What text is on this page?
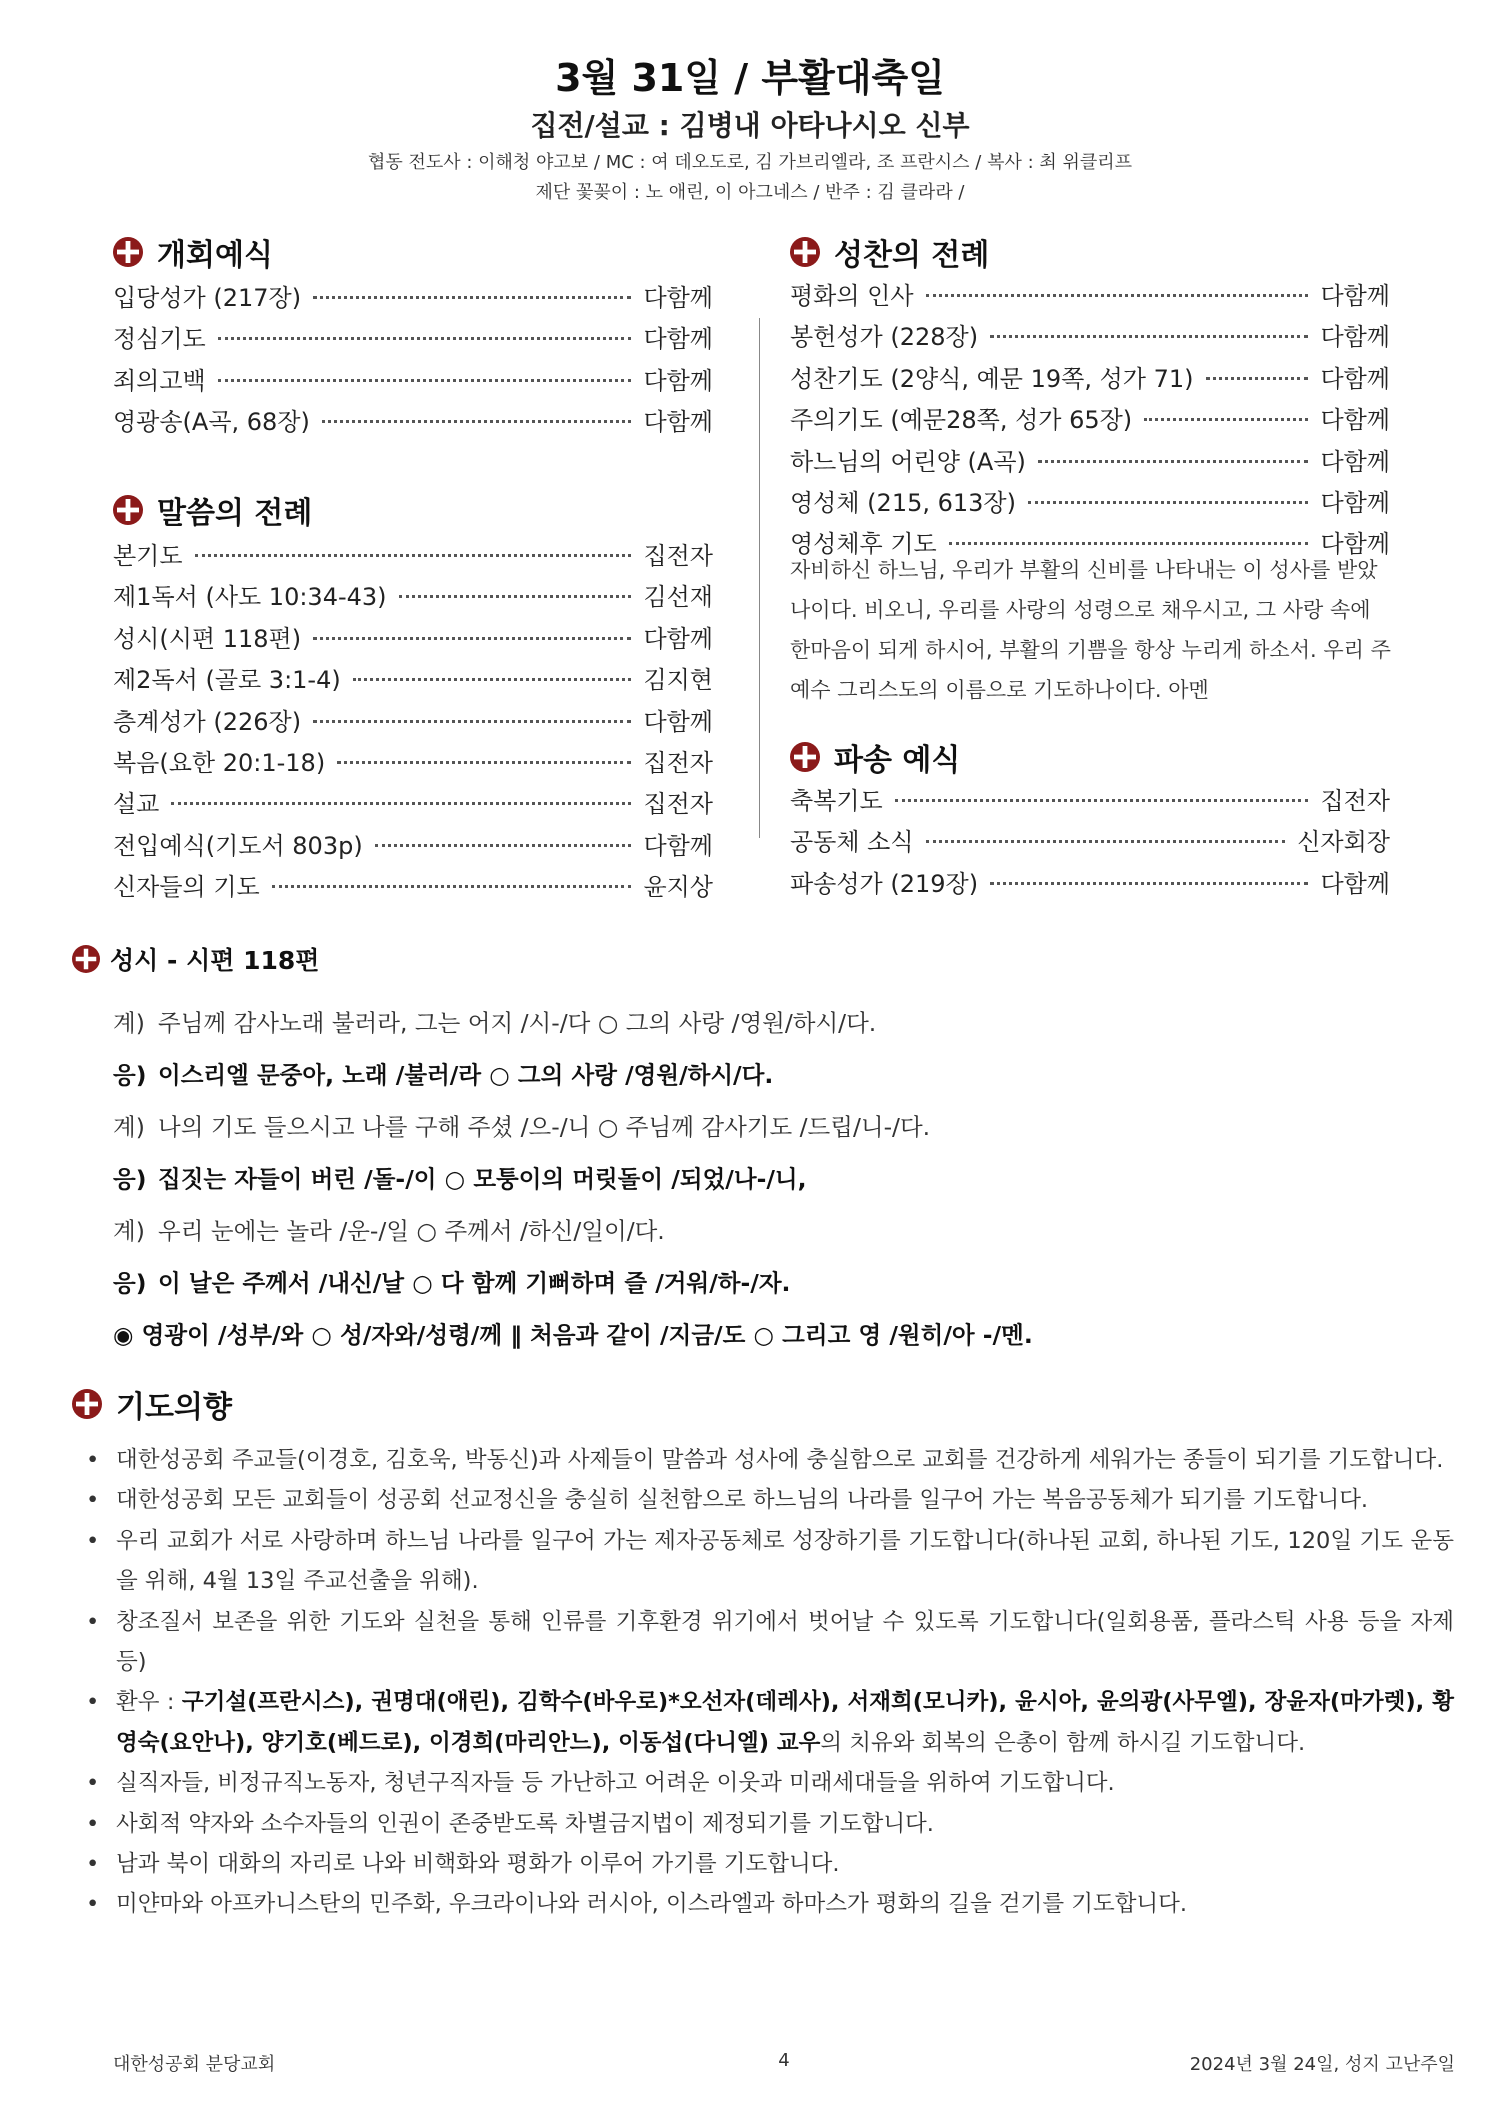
3월 31일 / 부활대축일
집전/설교 : 김병내 아타나시오 신부
협동 전도사 : 이해청 야고보 / MC : 여 데오도로, 김 가브리엘라, 조 프란시스 / 복사 : 최 위클리프
제단 꽃꽂이 : 노 애린, 이 아그네스 / 반주 : 김 클라라 /
개회예식
입당성가 (217장)	다함께
정심기도	다함께
죄의고백	다함께
영광송(A곡, 68장)	다함께
말씀의 전례
본기도	집전자
제1독서 (사도 10:34-43)	김선재
성시(시편 118편)	다함께
제2독서 (골로 3:1-4)	김지현
층계성가 (226장)	다함께
복음(요한 20:1-18)	집전자
설교	집전자
전입예식(기도서 803p)	다함께
신자들의 기도	윤지상
성찬의 전례
평화의 인사	다함께
봉헌성가 (228장)	다함께
성찬기도 (2양식, 예문 19쪽, 성가 71)	다함께
주의기도 (예문28쪽, 성가 65장)	다함께
하느님의 어린양 (A곡)	다함께
영성체 (215, 613장)	다함께
영성체후 기도	다함께
자비하신 하느님, 우리가 부활의 신비를 나타내는 이 성사를 받았
나이다. 비오니, 우리를 사랑의 성령으로 채우시고, 그 사랑 속에
한마음이 되게 하시어, 부활의 기쁨을 항상 누리게 하소서. 우리 주
예수 그리스도의 이름으로 기도하나이다. 아멘
파송 예식
축복기도	집전자
공동체 소식	신자회장
파송성가 (219장)	다함께
성시 - 시편 118편
계) 주님께 감사노래 불러라, 그는 어지 /시-/다 ○ 그의 사랑 /영원/하시/다.
응) 이스리엘 문중아, 노래 /불러/라 ○ 그의 사랑 /영원/하시/다.
계) 나의 기도 들으시고 나를 구해 주셨 /으-/니 ○ 주님께 감사기도 /드립/니-/다.
응) 집짓는 자들이 버린 /돌-/이 ○ 모퉁이의 머릿돌이 /되었/나-/니,
계) 우리 눈에는 놀라 /운-/일 ○ 주께서 /하신/일이/다.
응) 이 날은 주께서 /내신/날 ○ 다 함께 기뻐하며 즐 /거워/하-/자.
◉ 영광이 /성부/와 ○ 성/자와/성령/께 ‖ 처음과 같이 /지금/도 ○ 그리고 영 /원히/아 -/멘.
기도의향
• 대한성공회 주교들(이경호, 김호욱, 박동신)과 사제들이 말씀과 성사에 충실함으로 교회를 건강하게 세워가는 종들이 되기를 기도합니다.
• 대한성공회 모든 교회들이 성공회 선교정신을 충실히 실천함으로 하느님의 나라를 일구어 가는 복음공동체가 되기를 기도합니다.
• 우리 교회가 서로 사랑하며 하느님 나라를 일구어 가는 제자공동체로 성장하기를 기도합니다(하나된 교회, 하나된 기도, 120일 기도 운동을 위해, 4월 13일 주교선출을 위해).
• 창조질서 보존을 위한 기도와 실천을 통해 인류를 기후환경 위기에서 벗어날 수 있도록 기도합니다(일회용품, 플라스틱 사용 등을 자제 등)
• 환우 : 구기설(프란시스), 권명대(애린), 김학수(바우로)*오선자(데레사), 서재희(모니카), 윤시아, 윤의광(사무엘), 장윤자(마가렛), 황영숙(요안나), 양기호(베드로), 이경희(마리안느), 이동섭(다니엘) 교우의 치유와 회복의 은총이 함께 하시길 기도합니다.
• 실직자들, 비정규직노동자, 청년구직자들 등 가난하고 어려운 이웃과 미래세대들을 위하여 기도합니다.
• 사회적 약자와 소수자들의 인권이 존중받도록 차별금지법이 제정되기를 기도합니다.
• 남과 북이 대화의 자리로 나와 비핵화와 평화가 이루어 가기를 기도합니다.
• 미얀마와 아프카니스탄의 민주화, 우크라이나와 러시아, 이스라엘과 하마스가 평화의 길을 걷기를 기도합니다.
대한성공회 분당교회	4	2024년 3월 24일, 성지 고난주일
